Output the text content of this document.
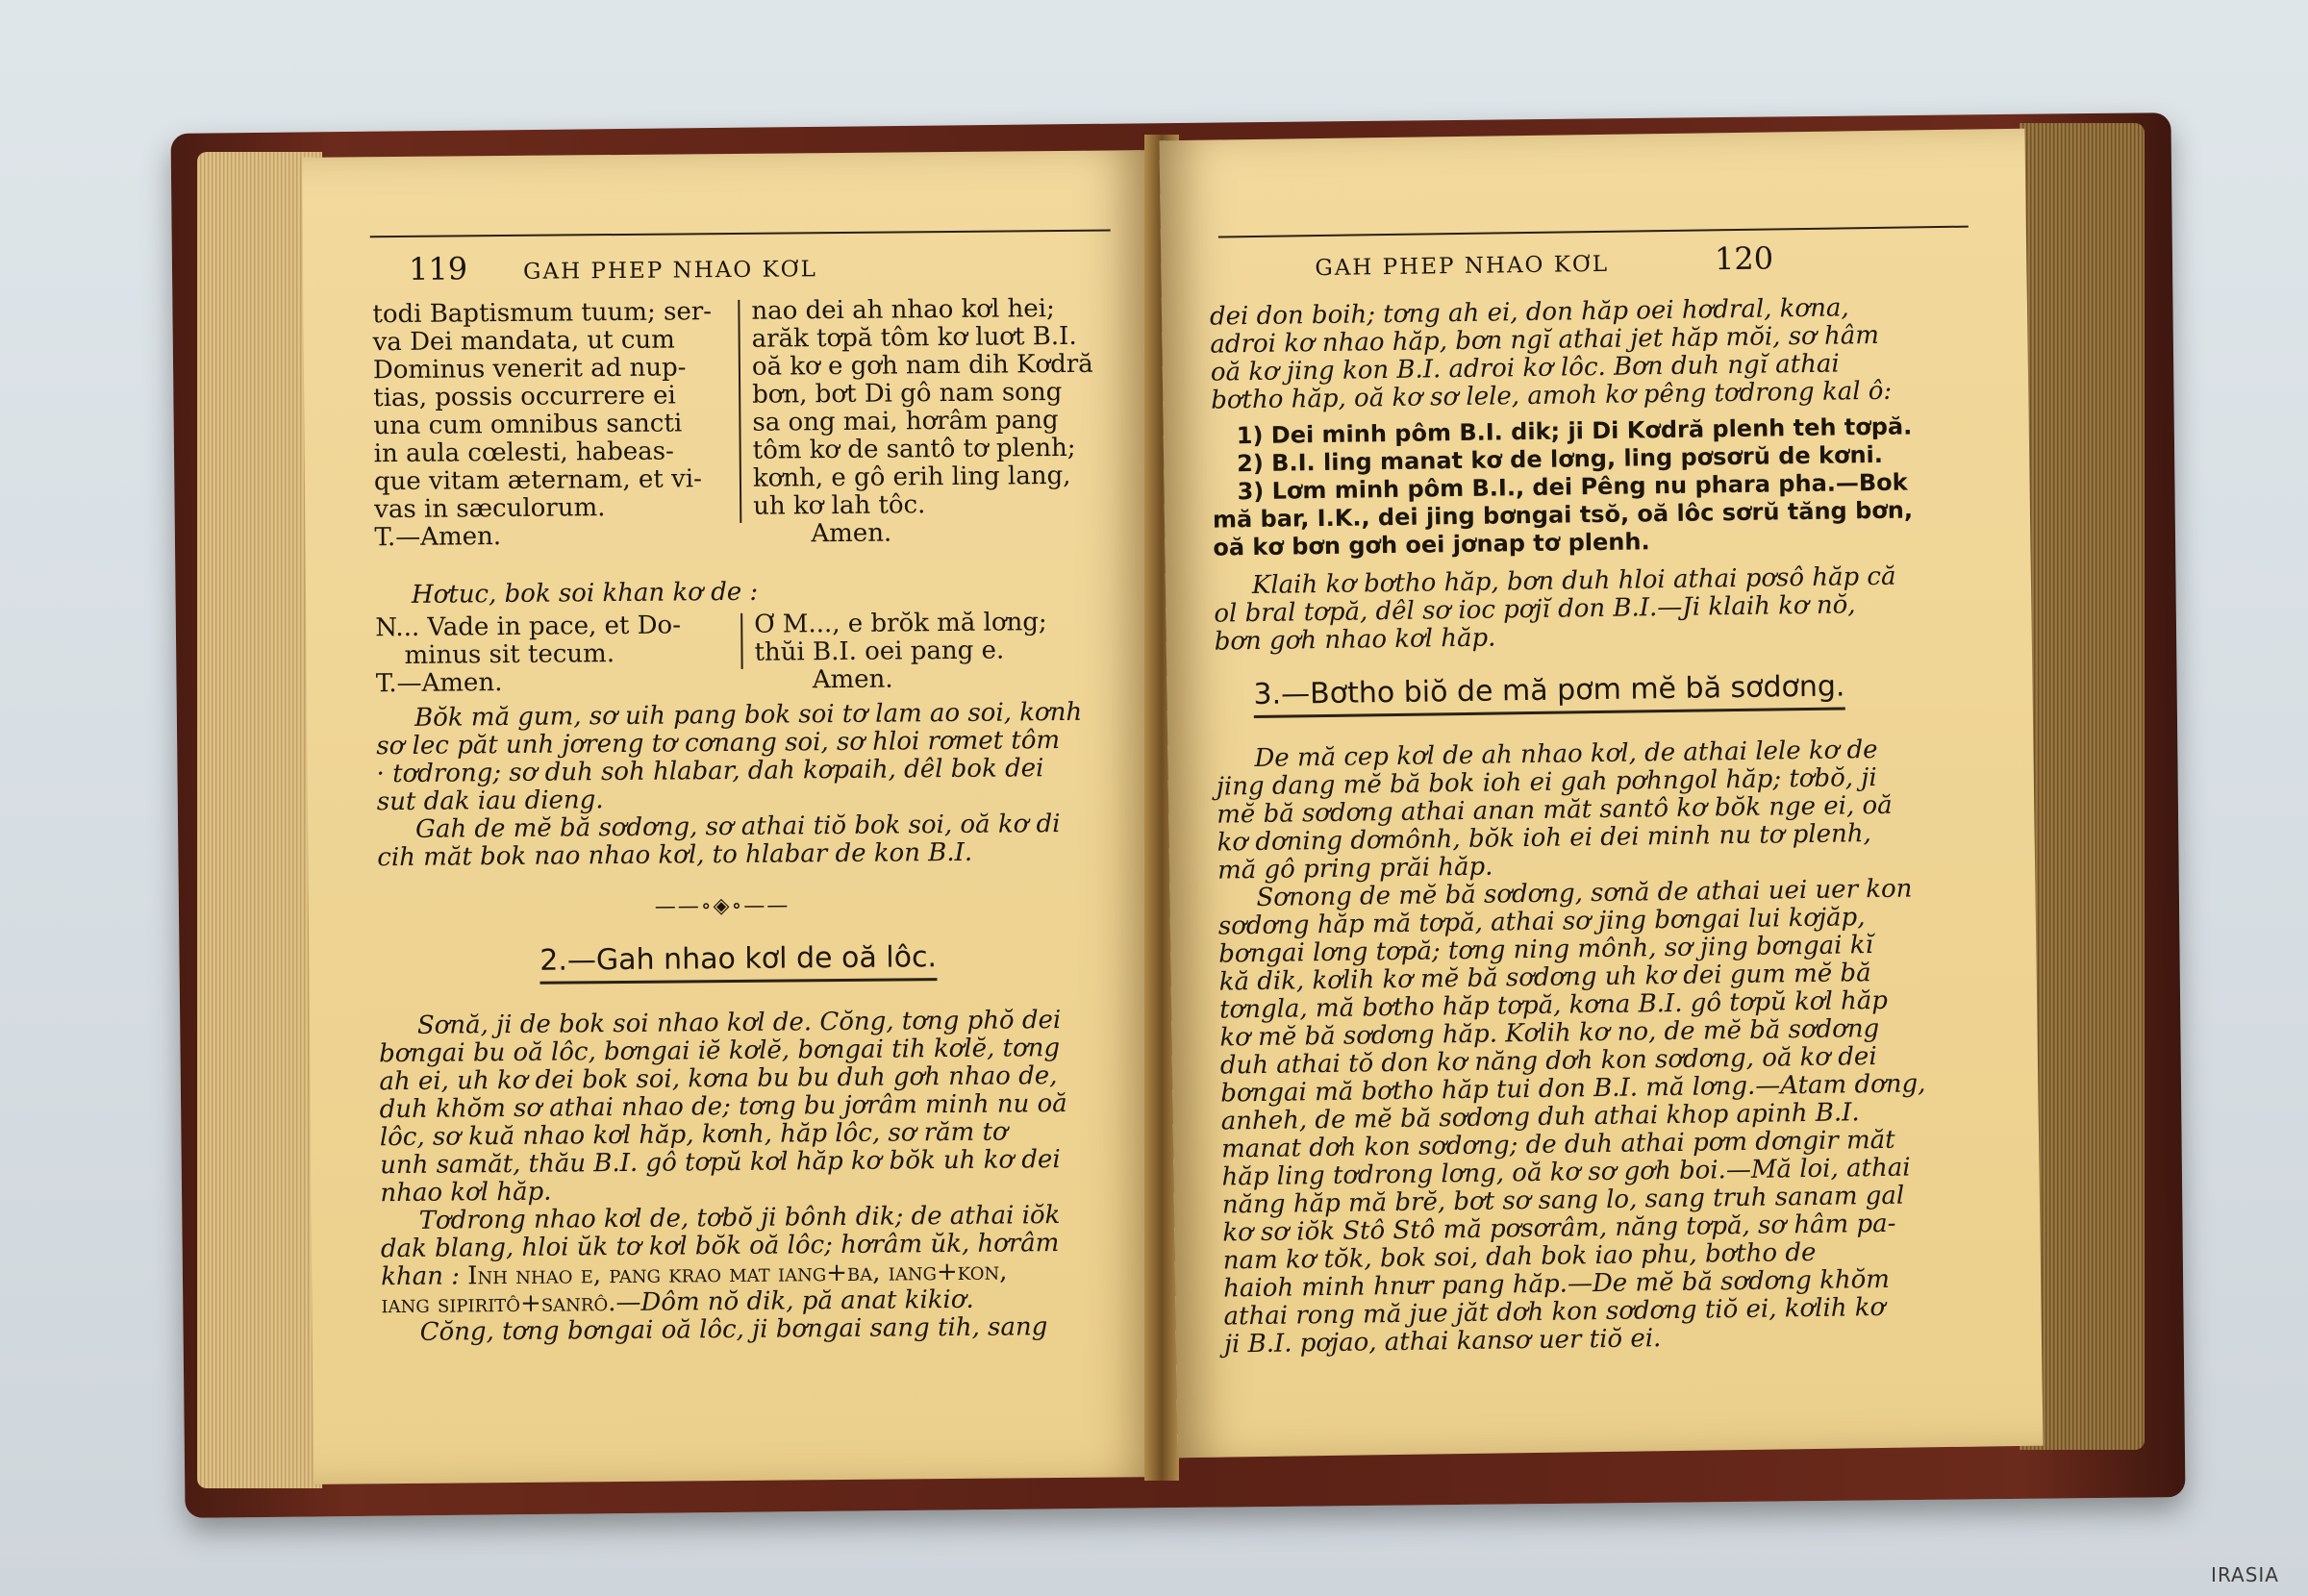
119	GAH PHEP NHAO KƠL
todi Baptismum tuum; ser-
va Dei mandata, ut cum
Dominus venerit ad nup-
tias, possis occurrere ei
una cum omnibus sancti
in aula cœlesti, habeas-
que vitam æternam, et vi-
vas in sæculorum.
T.—Amen.
nao dei ah nhao kơl hei;
arăk tơpă tôm kơ luơt B.I.
oă kơ e gơh nam dih Kơdră
bơn, bơt Di gô nam song
sa ong mai, hơrâm pang
tôm kơ de santô tơ plenh;
kơnh, e gô erih ling lang,
uh kơ lah tôc.
Amen.
Hơtuc, bok soi khan kơ de :
N... Vade in pace, et Do-
minus sit tecum.
T.—Amen.
Ơ M..., e brŏk mă lơng;
thŭi B.I. oei pang e.
Amen.
Bŏk mă gum, sơ uih pang bok soi tơ lam ao soi, kơnh
sơ lec păt unh jơreng tơ cơnang soi, sơ hloi rơmet tôm
· tơdrong; sơ duh soh hlabar, dah kơpaih, dêl bok dei
sut dak iau dieng.
Gah de mĕ bă sơdơng, sơ athai tiŏ bok soi, oă kơ di
cih măt bok nao nhao kơl, to hlabar de kon B.I.
——∘◈∘——
2.—Gah nhao kơl de oă lôc.
Sơnă, ji de bok soi nhao kơl de. Cŏng, tơng phŏ dei
bơngai bu oă lôc, bơngai iĕ kơlĕ, bơngai tih kơlĕ, tơng
ah ei, uh kơ dei bok soi, kơna bu bu duh gơh nhao de,
duh khŏm sơ athai nhao de; tơng bu jơrâm minh nu oă
lôc, sơ kuă nhao kơl hăp, kơnh, hăp lôc, sơ răm tơ
unh samăt, thău B.I. gô tơpŭ kơl hăp kơ bŏk uh kơ dei
nhao kơl hăp.
Tơdrong nhao kơl de, tơbŏ ji bônh dik; de athai iŏk
dak blang, hloi ŭk tơ kơl bŏk oă lôc; hơrâm ŭk, hơrâm
khan : Inh nhao e, pang krao mat iang+ba, iang+kon,
iang sipiritô+sanrô.—Dôm nŏ dik, pă anat kikiơ.
Cŏng, tơng bơngai oă lôc, ji bơngai sang tih, sang
GAH PHEP NHAO KƠL	120
dei don boih; tơng ah ei, don hăp oei hơdral, kơna,
adroi kơ nhao hăp, bơn ngĭ athai jet hăp mŏi, sơ hâm
oă kơ jing kon B.I. adroi kơ lôc. Bơn duh ngĭ athai
bơtho hăp, oă kơ sơ lele, amoh kơ pêng tơdrong kal ô:
1) Dei minh pôm B.I. dik; ji Di Kơdră plenh teh tơpă.
2) B.I. ling manat kơ de lơng, ling pơsơrŭ de kơni.
3) Lơm minh pôm B.I., dei Pêng nu phara pha.—Bok
mă bar, I.K., dei jing bơngai tsŏ, oă lôc sơrŭ tăng bơn,
oă kơ bơn gơh oei jơnap tơ plenh.
Klaih kơ bơtho hăp, bơn duh hloi athai pơsô hăp că
ol bral tơpă, dêl sơ ioc pơjĭ don B.I.—Ji klaih kơ nŏ,
bơn gơh nhao kơl hăp.
3.—Bơtho biŏ de mă pơm mĕ bă sơdơng.
De mă cep kơl de ah nhao kơl, de athai lele kơ de
jing dang mĕ bă bok ioh ei gah pơhngol hăp; tơbŏ, ji
mĕ bă sơdơng athai anan măt santô kơ bŏk nge ei, oă
kơ dơning dơmônh, bŏk ioh ei dei minh nu tơ plenh,
mă gô pring prăi hăp.
Sơnong de mĕ bă sơdơng, sơnă de athai uei uer kon
sơdơng hăp mă tơpă, athai sơ jing bơngai lui kơjăp,
bơngai lơng tơpă; tơng ning mônh, sơ jing bơngai kĭ
kă dik, kơlih kơ mĕ bă sơdơng uh kơ dei gum mĕ bă
tơngla, mă bơtho hăp tơpă, kơna B.I. gô tơpŭ kơl hăp
kơ mĕ bă sơdơng hăp. Kơlih kơ no, de mĕ bă sơdơng
duh athai tŏ don kơ năng dơh kon sơdơng, oă kơ dei
bơngai mă bơtho hăp tui don B.I. mă lơng.—Atam dơng,
anheh, de mĕ bă sơdơng duh athai khop apinh B.I.
manat dơh kon sơdơng; de duh athai pơm dơngir măt
hăp ling tơdrong lơng, oă kơ sơ gơh boi.—Mă loi, athai
năng hăp mă brĕ, bơt sơ sang lo, sang truh sanam gal
kơ sơ iŏk Stô Stô mă pơsơrâm, năng tơpă, sơ hâm pa-
nam kơ tŏk, bok soi, dah bok iao phu, bơtho de
haioh minh hnưr pang hăp.—De mĕ bă sơdơng khŏm
athai rong mă jue jăt dơh kon sơdơng tiŏ ei, kơlih kơ
ji B.I. pơjao, athai kansơ uer tiŏ ei.
IRASIA
